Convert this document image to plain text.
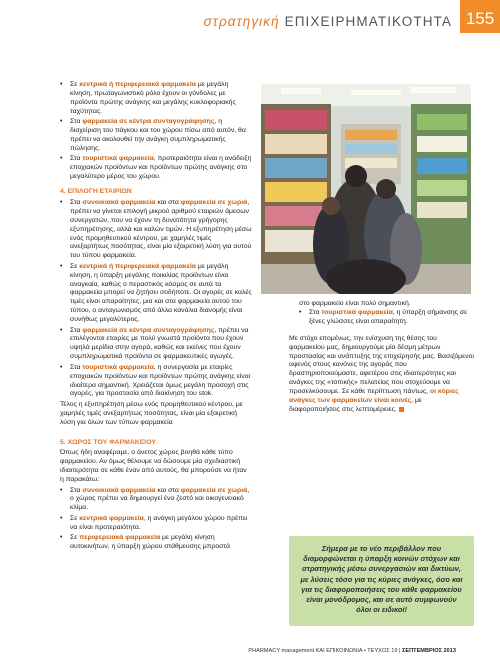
στρατηγική ΕΠΙΧΕΙΡΗΜΑΤΙΚΟΤΗΤΑ 155
• Σε κεντρικά ή περιφερειακά φαρμακεία με μεγάλη κίνηση, πρωταγωνιστικό ρόλο έχουν οι γόνδολες με προϊόντα πρώτης ανάγκης και μεγάλης κυκλοφοριακής ταχύτητας.
• Στα φαρμακεία σε κέντρα συνταγογράφησης, η διαχείριση του πάγκου και του χώρου πίσω από αυτόν, θα πρέπει να ακολουθεί την ανάγκη συμπληρωματικής πώλησης.
• Στα τουριστικά φαρμακεία, προτεραιότητα είναι η ανάδειξη εποχιακών προϊόντων και προϊόντων πρώτης ανάγκης στο μεγαλύτερο μέρος του χώρου.
4. ΕΠΙΛΟΓΗ ΕΤΑΙΡΙΩΝ
• Στα συνοικιακά φαρμακεία και στα φαρμακεία σε χωριά, πρέπει να γίνεται επιλογή μικρού αριθμού εταιριών άμεσων συνεργατών, που να έχουν τη δυνατότητα γρήγορης εξυπηρέτησης, αλλά και καλών τιμών. Η εξυπηρέτηση μέσω ενός προμηθευτικού κέντρου, με χαμηλές τιμές ανεξαρτήτως ποσότητας, είναι μία εξαιρετική λύση για αυτού του τύπου φαρμακεία.
• Σε κεντρικά ή περιφερειακά φαρμακεία με μεγάλη κίνηση, η ύπαρξη μεγάλης ποικιλίας προϊόντων είναι αναγκαία, καθώς ο περαστικός κόσμος σε αυτά τα φαρμακεία μπορεί να ζητήσει οτιδήποτε. Οι αγορές σε καλές τιμές είναι απαραίτητες, μια και στα φαρμακεία αυτού του τύπου, ο ανταγωνισμός από άλλα κανάλια διανομής είναι συνήθως μεγαλύτερος.
• Στα φαρμακεία σε κέντρα συνταγογράφησης, πρέπει να επιλέγονται εταιρίες με πολύ γνωστά προϊόντα που έχουν υψηλά μερίδια στην αγορά, καθώς και εκείνες που έχουν συμπληρωματικά προϊόντα σε φαρμακευτικές αγωγές.
• Στα τουριστικά φαρμακεία, η συνεργασία με εταιρίες εποχιακών προϊόντων και προϊόντων πρώτης ανάγκης είναι ιδιαίτερα σημαντική. Χρειάζεται όμως μεγάλη προσοχή στις αγορές, για προστασία από διακίνηση του stok.

Τέλος η εξυπηρέτηση μέσω ενός προμηθευτικού κέντρου, με χαμηλές τιμές ανεξαρτήτως ποσότητας, είναι μία εξαιρετική λύση για όλων των τύπων φαρμακεία

5. ΧΩΡΟΣ ΤΟΥ ΦΑΡΜΑΚΕΙΟΥ

Όπως ήδη αναφέραμε, ο άνετος χώρος βοηθά κάθε τύπο φαρμακείου. Αν όμως θέλουμε να δώσουμε μία σχεδιαστική ιδιαιτερότητα σε κάθε έναν από αυτούς, θα μπορούσε να ήταν η παρακάτω:

• Στα συνοικιακά φαρμακεία και στα φαρμακεία σε χωριά, ο χώρος πρέπει να δημιουργεί ένα ζεστό και οικογενειακό κλίμα.
• Σε κεντρικά φαρμακεία, η ανάγκη μεγάλου χώρου πρέπει να είναι προτεραιότητα.
• Σε περιφερειακά φαρμακεία με μεγάλη κίνηση αυτοκινήτων, η ύπαρξη χώρου στάθμευσης μπροστά

στο φαρμακείο είναι πολύ σημαντική.

• Στα τουριστικά φαρμακεία, η ύπαρξη σήμανσης σε ξένες γλώσσες είναι απαραίτητη.

Με στόχο επομένως, την ενίσχυση της θέσης του φαρμακείου μας, δημιουργούμε μία δέσμη μέτρων προστασίας και ανάπτυξης της επιχείρησής μας. Βασιζόμενοι αφενός στους κανόνες της αγοράς που δραστηριοποιούμαστε, αφετέρου στις ιδιαιτερότητες και ανάγκες της «τοπικής» πελατείας που στοχεύουμε να προσελκύσουμε. Σε κάθε περίπτωση πάντως, οι κύριες ανάγκες των φαρμακείων είναι κοινές, με διαφοροποιήσεις στις λεπτομέρειες.

Σήμερα με το νέο περιβάλλον που διαμορφώνεται η ύπαρξη κοινών στόχων και στρατηγικής μέσω συνεργασιών και δικτύων, με λύσεις τόσο για τις κύριες ανάγκες, όσο και για τις διαφοροποιήσεις του κάθε φαρμακείου είναι μονόδρομος, και σε αυτό συμφωνούν όλοι οι ειδικοί!
PHARMACY management ΚΑΙ ΕΠΙΚΟΙΝΩΝΙΑ • ΤΕΥΧΟΣ 19 | ΣΕΠΤΕΜΒΡΙΟΣ 2013
